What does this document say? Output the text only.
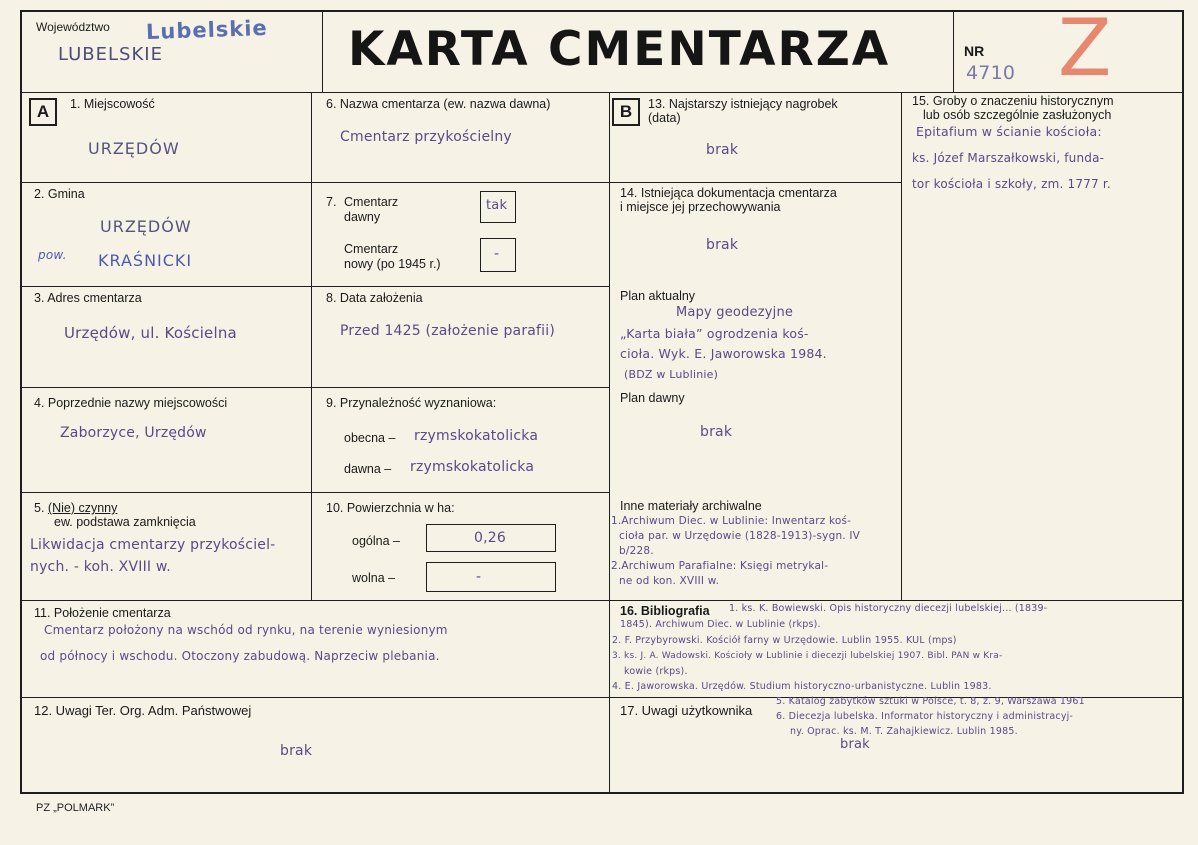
Województwo Lubelskie
LUBELSKIE	KARTA CMENTARZA	NR
4710 Z
A	1. Miejscowość
URZĘDÓW
2. Gmina
URZĘDÓW
pow. KRAŚNICKI
3. Adres cmentarza
Urzędów, ul. Kościelna
4. Poprzednie nazwy miejscowości
Zaborzyce, Urzędów
5. (Nie) czynny
ew. podstawa zamknięcia
Likwidacja cmentarzy przykościel-
nych. - koh. XVIII w.
6. Nazwa cmentarza (ew. nazwa dawna)
Cmentarz przykościelny
7. Cmentarz
dawny
tak
Cmentarz
nowy (po 1945 r.)
-
8. Data założenia
Przed 1425 (założenie parafii)
9. Przynależność wyznaniowa:
obecna – rzymskokatolicka
dawna – rzymskokatolicka
10. Powierzchnia w ha:
ogólna –	0,26
wolna –	-
B	13. Najstarszy istniejący nagrobek
(data)
brak
14. Istniejąca dokumentacja cmentarza
i miejsce jej przechowywania
brak
Plan aktualny
Mapy geodezyjne
„Karta biała” ogrodzenia koś-
cioła. Wyk. E. Jaworowska 1984.
(BDZ w Lublinie)
Plan dawny
brak
Inne materiały archiwalne
1.Archiwum Diec. w Lublinie: Inwentarz koś-
cioła par. w Urzędowie (1828-1913)-sygn. IV
b/228.
2.Archiwum Parafialne: Księgi metrykal-
ne od kon. XVIII w.
15. Groby o znaczeniu historycznym
lub osób szczególnie zasłużonych
Epitafium w ścianie kościoła:
ks. Józef Marszałkowski, funda-
tor kościoła i szkoły, zm. 1777 r.
11. Położenie cmentarza
Cmentarz położony na wschód od rynku, na terenie wyniesionym
od północy i wschodu. Otoczony zabudową. Naprzeciw plebania.
16. Bibliografia 1. ks. K. Bowiewski. Opis historyczny diecezji lubelskiej... (1839-
1845). Archiwum Diec. w Lublinie (rkps).
2. F. Przybyrowski. Kościół farny w Urzędowie. Lublin 1955. KUL (mps)
3. ks. J. A. Wadowski. Kościoły w Lublinie i diecezji lubelskiej 1907. Bibl. PAN w Kra-
kowie (rkps).
4. E. Jaworowska. Urzędów. Studium historyczno-urbanistyczne. Lublin 1983.
12. Uwagi Ter. Org. Adm. Państwowej
brak
17. Uwagi użytkownika
5. Katalog zabytków sztuki w Polsce, t. 8, z. 9, Warszawa 1961
6. Diecezja lubelska. Informator historyczny i administracyj-
ny. Oprac. ks. M. T. Zahajkiewicz. Lublin 1985.
brak
PZ „POLMARK”
